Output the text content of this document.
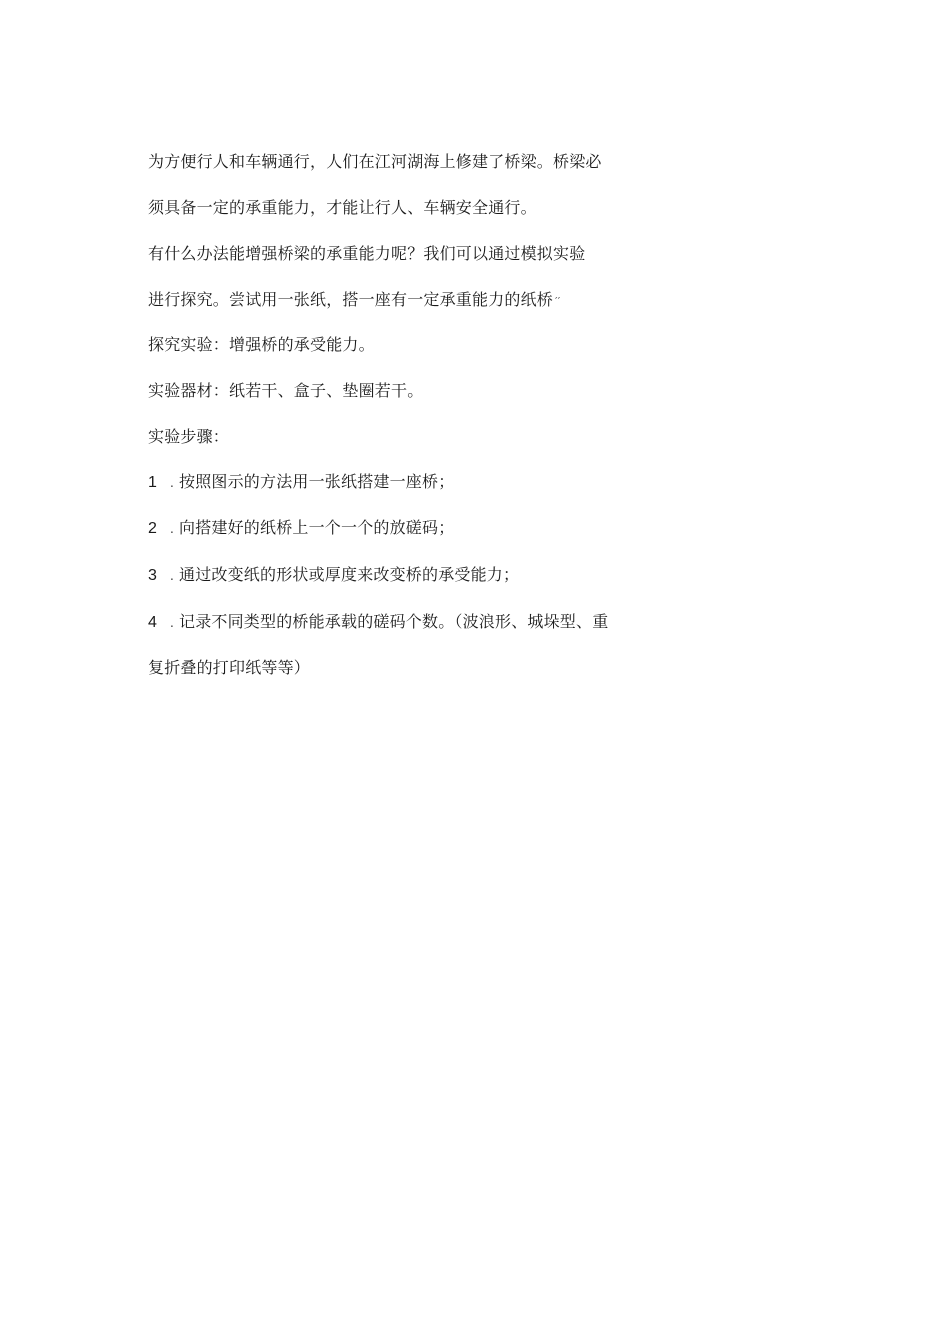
为方便行人和车辆通行，人们在江河湖海上修建了桥梁。桥梁必
须具备一定的承重能力，才能让行人、车辆安全通行。
有什么办法能增强桥梁的承重能力呢？我们可以通过模拟实验
进行探究。尝试用一张纸，搭一座有一定承重能力的纸桥 ′′
探究实验：增强桥的承受能力。
实验器材：纸若干、盒子、垫圈若干。
实验步骤：
1	. 按照图示的方法用一张纸搭建一座桥；
2	. 向搭建好的纸桥上一个一个的放磋码；
3	. 通过改变纸的形状或厚度来改变桥的承受能力；
4	. 记录不同类型的桥能承载的磋码个数。（波浪形、城垛型、重
复折叠的打印纸等等）
